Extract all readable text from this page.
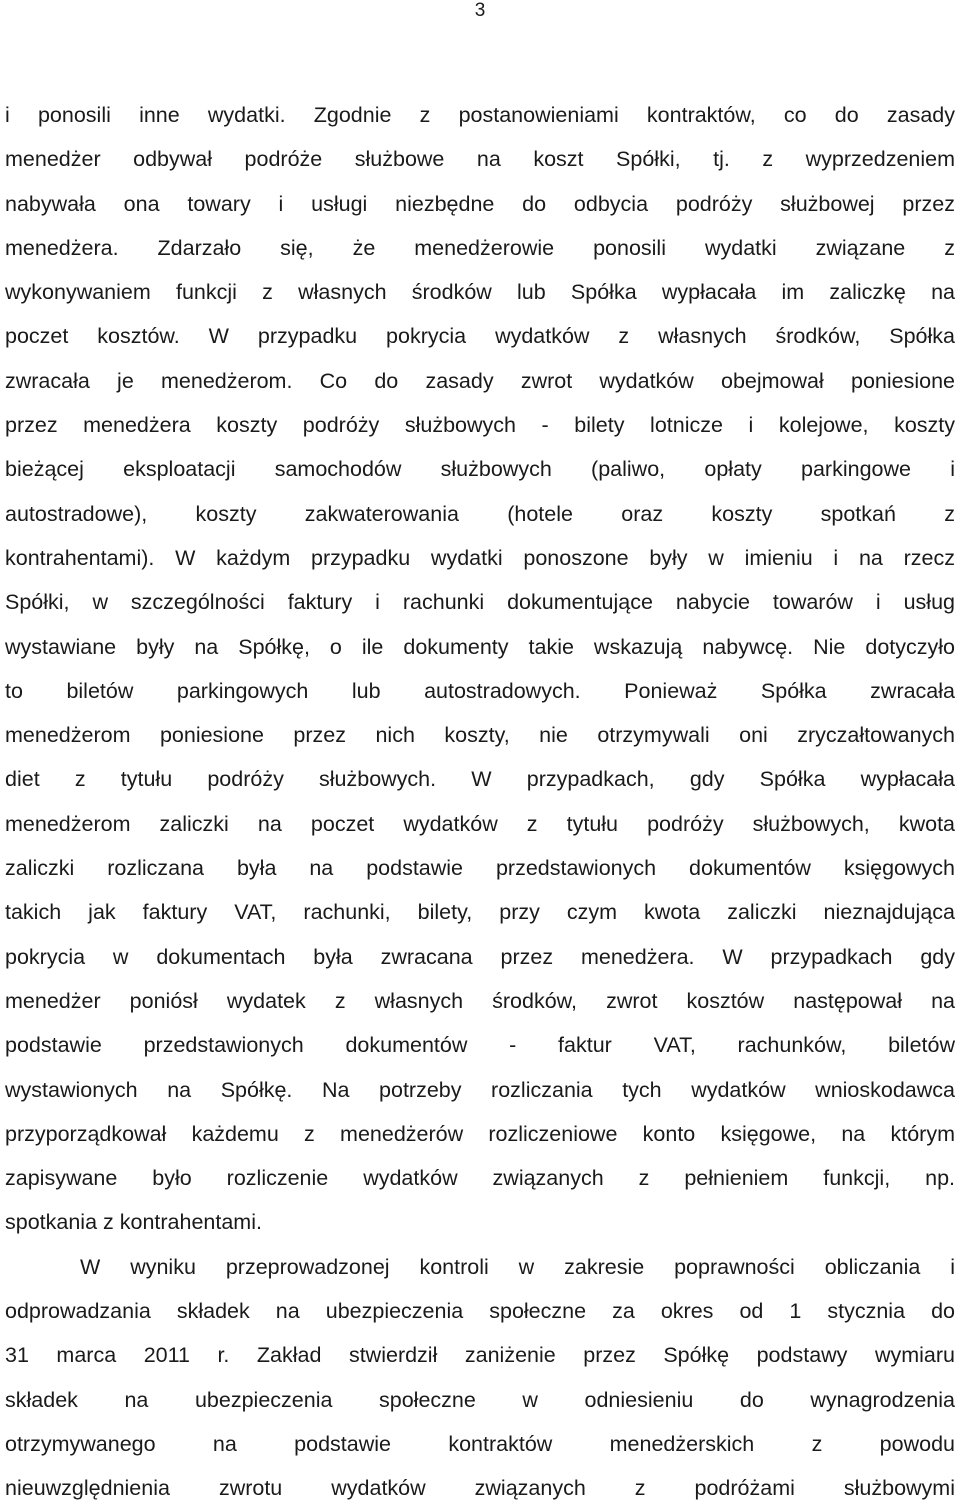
3
i ponosili inne wydatki. Zgodnie z postanowieniami kontraktów, co do zasady
menedżer odbywał podróże służbowe na koszt Spółki, tj. z wyprzedzeniem
nabywała ona towary i usługi niezbędne do odbycia podróży służbowej przez
menedżera. Zdarzało się, że menedżerowie ponosili wydatki związane z
wykonywaniem funkcji z własnych środków lub Spółka wypłacała im zaliczkę na
poczet kosztów. W przypadku pokrycia wydatków z własnych środków, Spółka
zwracała je menedżerom. Co do zasady zwrot wydatków obejmował poniesione
przez menedżera koszty podróży służbowych - bilety lotnicze i kolejowe, koszty
bieżącej eksploatacji samochodów służbowych (paliwo, opłaty parkingowe i
autostradowe), koszty zakwaterowania (hotele oraz koszty spotkań z
kontrahentami). W każdym przypadku wydatki ponoszone były w imieniu i na rzecz
Spółki, w szczególności faktury i rachunki dokumentujące nabycie towarów i usług
wystawiane były na Spółkę, o ile dokumenty takie wskazują nabywcę. Nie dotyczyło
to biletów parkingowych lub autostradowych. Ponieważ Spółka zwracała
menedżerom poniesione przez nich koszty, nie otrzymywali oni zryczałtowanych
diet z tytułu podróży służbowych. W przypadkach, gdy Spółka wypłacała
menedżerom zaliczki na poczet wydatków z tytułu podróży służbowych, kwota
zaliczki rozliczana była na podstawie przedstawionych dokumentów księgowych
takich jak faktury VAT, rachunki, bilety, przy czym kwota zaliczki nieznajdująca
pokrycia w dokumentach była zwracana przez menedżera. W przypadkach gdy
menedżer poniósł wydatek z własnych środków, zwrot kosztów następował na
podstawie przedstawionych dokumentów - faktur VAT, rachunków, biletów
wystawionych na Spółkę. Na potrzeby rozliczania tych wydatków wnioskodawca
przyporządkował każdemu z menedżerów rozliczeniowe konto księgowe, na którym
zapisywane było rozliczenie wydatków związanych z pełnieniem funkcji, np.
spotkania z kontrahentami.
W wyniku przeprowadzonej kontroli w zakresie poprawności obliczania i
odprowadzania składek na ubezpieczenia społeczne za okres od 1 stycznia do
31 marca 2011 r. Zakład stwierdził zaniżenie przez Spółkę podstawy wymiaru
składek na ubezpieczenia społeczne w odniesieniu do wynagrodzenia
otrzymywanego na podstawie kontraktów menedżerskich z powodu
nieuwzględnienia zwrotu wydatków związanych z podróżami służbowymi
